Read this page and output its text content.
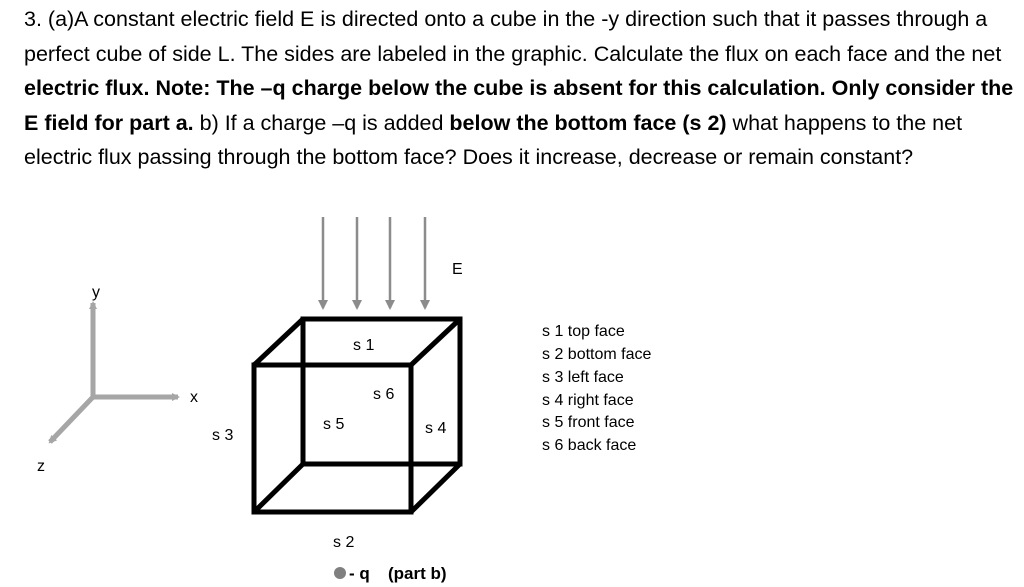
3. (a)A constant electric field E is directed onto a cube in the -y direction such that it passes through a perfect cube of side L. The sides are labeled in the graphic. Calculate the flux on each face and the net electric flux. Note: The –q charge below the cube is absent for this calculation. Only consider the E field for part a. b) If a charge –q is added below the bottom face (s 2) what happens to the net electric flux passing through the bottom face? Does it increase, decrease or remain constant?

y
x
z
E
s 1
s 6
s 5	s 4
s 3
s 2
- q (part b)
s 1 top face
s 2 bottom face
s 3 left face
s 4 right face
s 5 front face
s 6 back face
